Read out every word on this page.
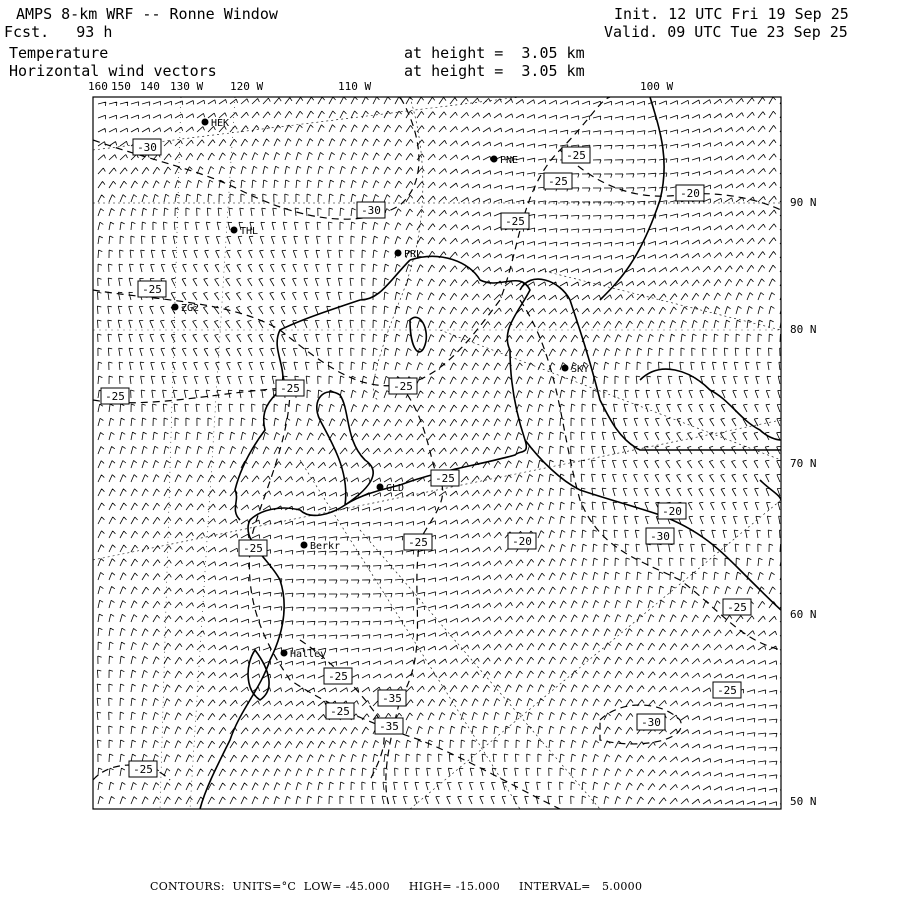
AMPS 8-km WRF -- Ronne Window
Fcst.   93 h
Init. 12 UTC Fri 19 Sep 25
Valid. 09 UTC Tue 23 Sep 25
Temperature
Horizontal wind vectors
at height =  3.05 km
at height =  3.05 km
160 150 140 130 W 120 W	110 W	100 W
90 N
80 N
70 N
60 N
50 N
HEK
PNE
THL
PRL
ZG2
SKY
GLD
Berkr
Halley
-30
-25
-25
-20
-30
-25
-25
-25	-25
-25
-25
-25	-25	-20	-30
-20
-25
-25
-35
-25
-35
-25
-30
-25
CONTOURS:  UNITS=°C  LOW= -45.000     HIGH= -15.000     INTERVAL=   5.0000
